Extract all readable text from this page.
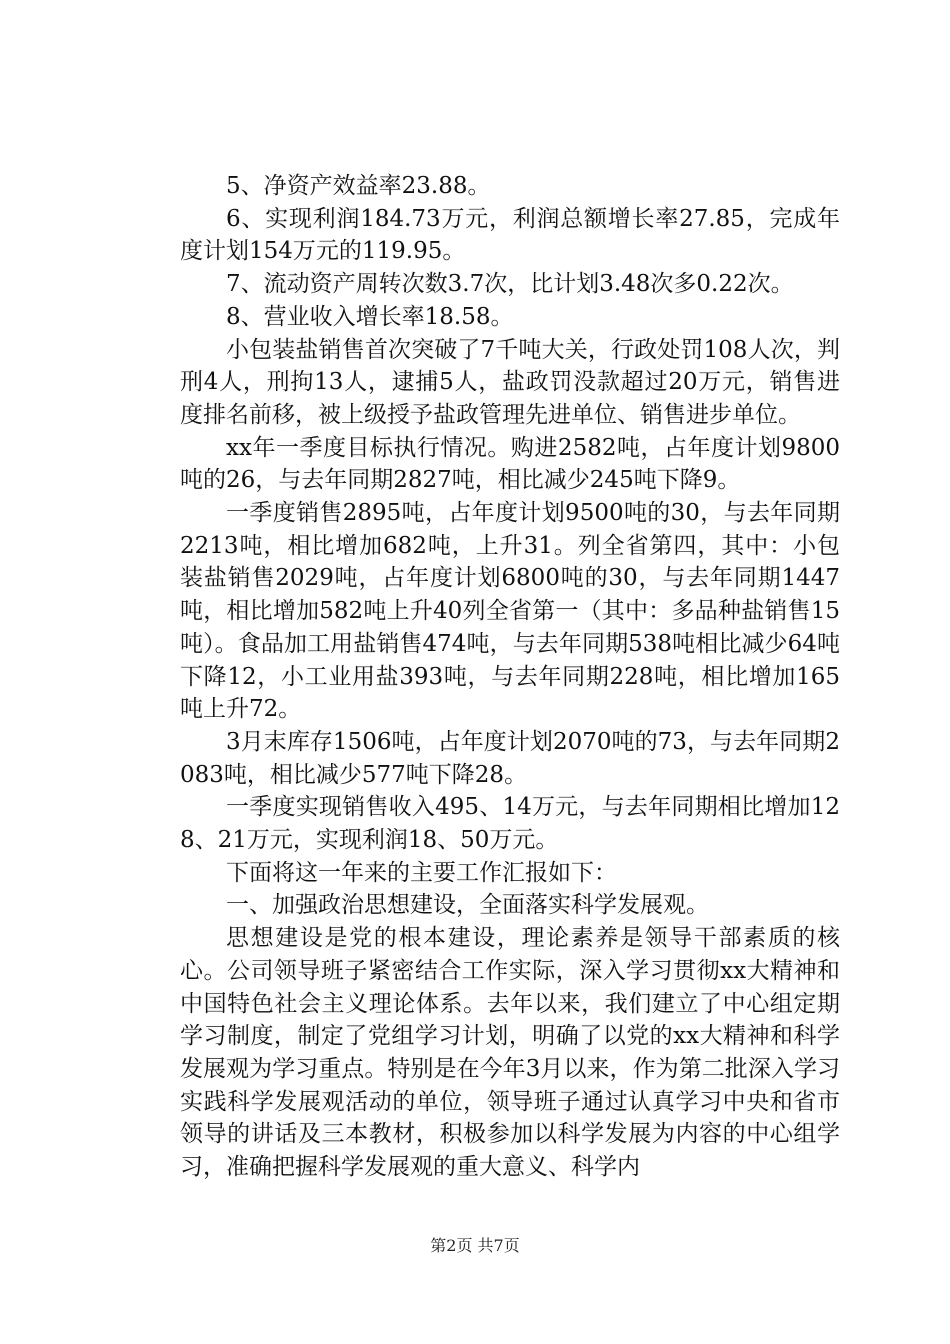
5、净资产效益率23.88。

6、实现利润184.73万元，利润总额增长率27.85，完成年度计划154万元的119.95。

7、流动资产周转次数3.7次，比计划3.48次多0.22次。

8、营业收入增长率18.58。

小包装盐销售首次突破了7千吨大关，行政处罚108人次，判刑4人，刑拘13人，逮捕5人，盐政罚没款超过20万元，销售进度排名前移，被上级授予盐政管理先进单位、销售进步单位。

xx年一季度目标执行情况。购进2582吨，占年度计划9800吨的26，与去年同期2827吨，相比减少245吨下降9。

一季度销售2895吨，占年度计划9500吨的30，与去年同期2213吨，相比增加682吨，上升31。列全省第四，其中：小包装盐销售2029吨，占年度计划6800吨的30，与去年同期1447吨，相比增加582吨上升40列全省第一（其中：多品种盐销售15吨）。食品加工用盐销售474吨，与去年同期538吨相比减少64吨下降12，小工业用盐393吨，与去年同期228吨，相比增加165吨上升72。

3月末库存1506吨，占年度计划2070吨的73，与去年同期2083吨，相比减少577吨下降28。

一季度实现销售收入495、14万元，与去年同期相比增加128、21万元，实现利润18、50万元。

下面将这一年来的主要工作汇报如下：

一、加强政治思想建设，全面落实科学发展观。

思想建设是党的根本建设，理论素养是领导干部素质的核心。公司领导班子紧密结合工作实际，深入学习贯彻xx大精神和中国特色社会主义理论体系。去年以来，我们建立了中心组定期学习制度，制定了党组学习计划，明确了以党的xx大精神和科学发展观为学习重点。特别是在今年3月以来，作为第二批深入学习实践科学发展观活动的单位，领导班子通过认真学习中央和省市领导的讲话及三本教材，积极参加以科学发展为内容的中心组学习，准确把握科学发展观的重大意义、科学内

第2页 共7页
